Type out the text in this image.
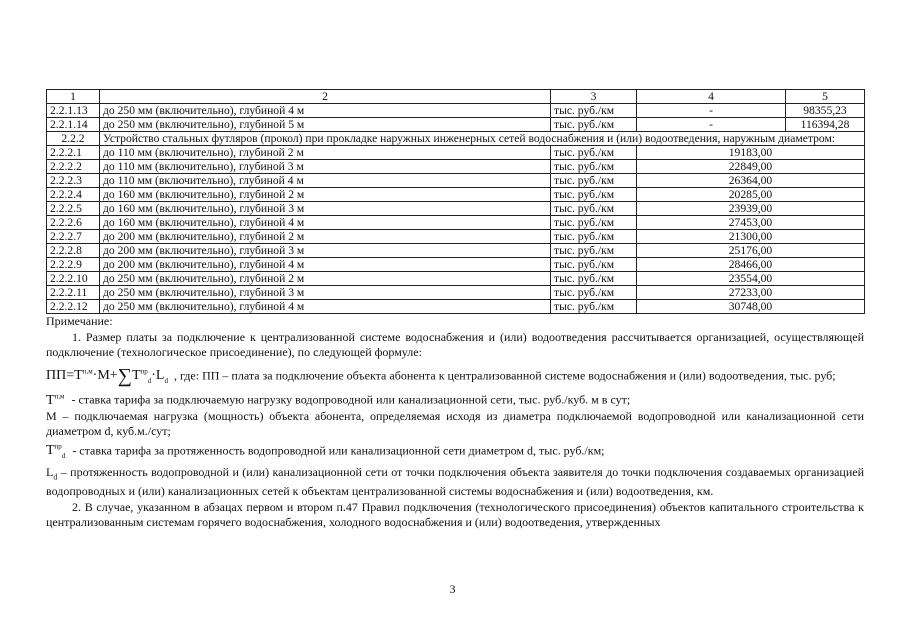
1	2	3	4	5
2.2.1.13	до 250 мм (включительно), глубиной 4 м	тыс. руб./км	-	98355,23
2.2.1.14	до 250 мм (включительно), глубиной 5 м	тыс. руб./км	-	116394,28
2.2.2	Устройство стальных футляров (прокол) при прокладке наружных инженерных сетей водоснабжения и (или) водоотведения, наружным диаметром:			
2.2.2.1	до 110 мм (включительно), глубиной 2 м	тыс. руб./км	19183,00	
2.2.2.2	до 110 мм (включительно), глубиной 3 м	тыс. руб./км	22849,00	
2.2.2.3	до 110 мм (включительно), глубиной 4 м	тыс. руб./км	26364,00	
2.2.2.4	до 160 мм (включительно), глубиной 2 м	тыс. руб./км	20285,00	
2.2.2.5	до 160 мм (включительно), глубиной 3 м	тыс. руб./км	23939,00	
2.2.2.6	до 160 мм (включительно), глубиной 4 м	тыс. руб./км	27453,00	
2.2.2.7	до 200 мм (включительно), глубиной 2 м	тыс. руб./км	21300,00	
2.2.2.8	до 200 мм (включительно), глубиной 3 м	тыс. руб./км	25176,00	
2.2.2.9	до 200 мм (включительно), глубиной 4 м	тыс. руб./км	28466,00	
2.2.2.10	до 250 мм (включительно), глубиной 2 м	тыс. руб./км	23554,00	
2.2.2.11	до 250 мм (включительно), глубиной 3 м	тыс. руб./км	27233,00	
2.2.2.12	до 250 мм (включительно), глубиной 4 м	тыс. руб./км	30748,00	

Примечание:

1. Размер платы за подключение к централизованной системе водоснабжения и (или) водоотведения рассчитывается организацией, осуществляющей подключение (технологическое присоединение), по следующей формуле:

$ПП=T^{п,м}\cdot M+\sum T^{пр}_d\cdot L_d$ , где: ПП – плата за подключение объекта абонента к централизованной системе водоснабжения и (или) водоотведения, тыс. руб;

$T^{п,м}$ - ставка тарифа за подключаемую нагрузку водопроводной или канализационной сети, тыс. руб./куб. м в сут;

М – подключаемая нагрузка (мощность) объекта абонента, определяемая исходя из диаметра подключаемой водопроводной или канализационной сети диаметром d, куб.м./сут;

$T^{пр}_d$ - ставка тарифа за протяженность водопроводной или канализационной сети диаметром d, тыс. руб./км;

$L_d$ – протяженность водопроводной и (или) канализационной сети от точки подключения объекта заявителя до точки подключения создаваемых организацией водопроводных и (или) канализационных сетей к объектам централизованной системы водоснабжения и (или) водоотведения, км.

2. В случае, указанном в абзацах первом и втором п.47 Правил подключения (технологического присоединения) объектов капитального строительства к централизованным системам горячего водоснабжения, холодного водоснабжения и (или) водоотведения, утвержденных

3
